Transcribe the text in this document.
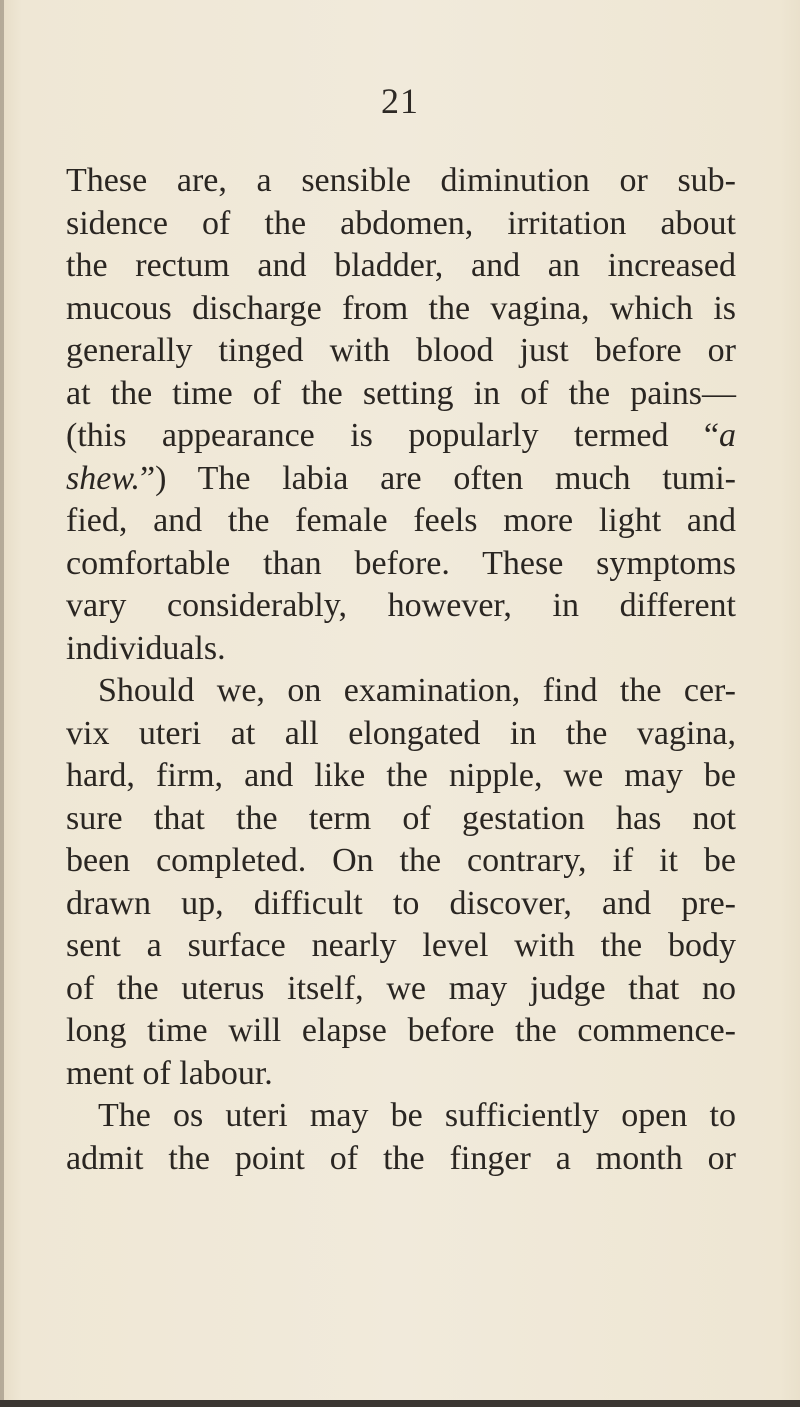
21
These are, a sensible diminution or sub-
sidence of the abdomen, irritation about
the rectum and bladder, and an increased
mucous discharge from the vagina, which is
generally tinged with blood just before or
at the time of the setting in of the pains—
(this appearance is popularly termed “a
shew.”) The labia are often much tumi-
fied, and the female feels more light and
comfortable than before. These symptoms
vary considerably, however, in different
individuals.
Should we, on examination, find the cer-
vix uteri at all elongated in the vagina,
hard, firm, and like the nipple, we may be
sure that the term of gestation has not
been completed. On the contrary, if it be
drawn up, difficult to discover, and pre-
sent a surface nearly level with the body
of the uterus itself, we may judge that no
long time will elapse before the commence-
ment of labour.
The os uteri may be sufficiently open to
admit the point of the finger a month or
